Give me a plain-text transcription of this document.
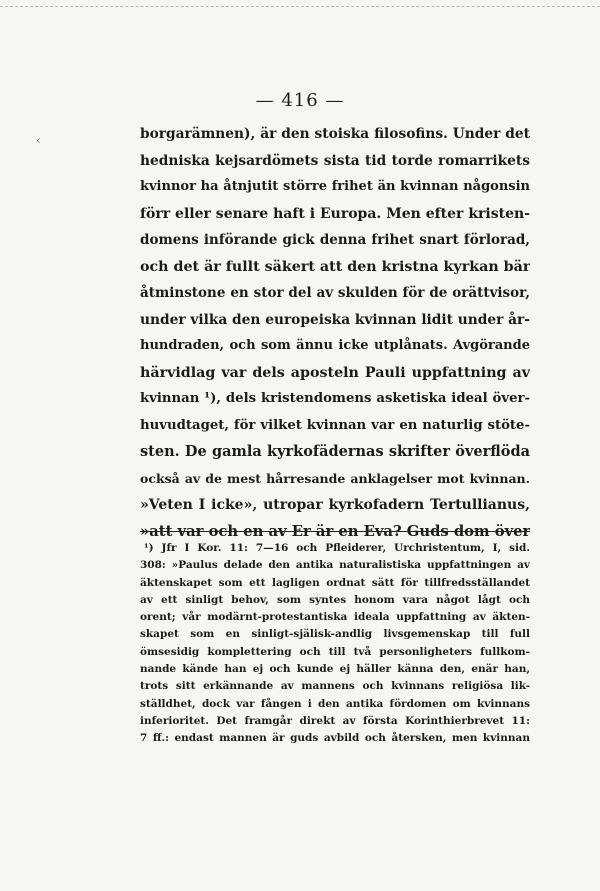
— 416 —
‹	borgarämnen), är den stoiska filosofins. Under det
hedniska kejsardömets sista tid torde romarrikets
kvinnor ha åtnjutit större frihet än kvinnan någonsin
förr eller senare haft i Europa. Men efter kristen-
domens införande gick denna frihet snart förlorad,
och det är fullt säkert att den kristna kyrkan bär
åtminstone en stor del av skulden för de orättvisor,
under vilka den europeiska kvinnan lidit under år-
hundraden, och som ännu icke utplånats. Avgörande
härvidlag var dels aposteln Pauli uppfattning av
kvinnan ¹), dels kristendomens asketiska ideal över-
huvudtaget, för vilket kvinnan var en naturlig stöte-
sten. De gamla kyrkofädernas skrifter överflöda
också av de mest hårresande anklagelser mot kvinnan.
»Veten I icke», utropar kyrkofadern Tertullianus,
»att var och en av Er är en Eva? Guds dom över
¹) Jfr I Kor. 11: 7—16 och Pfleiderer, Urchristentum, I, sid.
308: »Paulus delade den antika naturalistiska uppfattningen av
äktenskapet som ett lagligen ordnat sätt för tillfredsställandet
av ett sinligt behov, som syntes honom vara något lågt och
orent; vår modärnt-protestantiska ideala uppfattning av äkten-
skapet som en sinligt-själisk-andlig livsgemenskap till full
ömsesidig komplettering och till två personligheters fullkom-
nande kände han ej och kunde ej häller känna den, enär han,
trots sitt erkännande av mannens och kvinnans religiösa lik-
ställdhet, dock var fången i den antika fördomen om kvinnans
inferioritet. Det framgår direkt av första Korinthierbrevet 11:
7 ff.: endast mannen är guds avbild och återsken, men kvinnan
